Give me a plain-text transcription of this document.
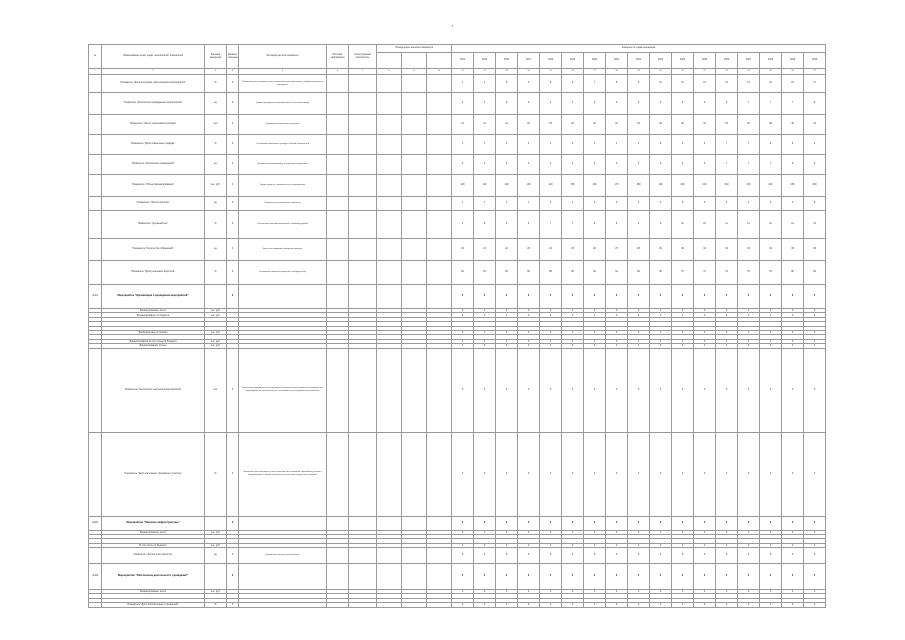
7
№	Наименование целей, задач, мероприятий, показателей	Единица измерения	Базовое значение	Методика расчета показателя	Источник информации	Ответственный исполнитель	Планируемые значения показателя			Значение по годам реализации																
										2014	2015	2016	2017	2018	2019	2020	2021	2022	2023	2024	2025	2026	2027	2028	2029	2030
1	2	3	4	5	6	7	8	9	10	11	12	13	14	15	16	17	18	19	20	21	22	23	24	25	26	27
	Показатель "Доля молодежи, вовлеченной в мероприятия"	%	0	Показатель рассчитывается как отношение числа участников к общей численности молодежи						1	2	3	4	5	6	7	8	9	10	11	12	13	14	15	16	17
	Показатель "Количество проведенных мероприятий"	ед.	0	Сумма проведенных мероприятий за отчетный период						2	2	3	3	4	4	4	5	5	5	6	6	6	7	7	7	8
	Показатель "Число участников программ"	чел.	0	Суммарное количество участников						10	12	14	16	18	20	22	24	26	28	30	32	34	36	38	40	42
	Показатель "Доля охваченных граждан"	%	0	Отношение охваченных граждан к общей численности						1	1	2	2	3	3	4	4	5	5	6	6	7	7	8	8	9
	Показатель "Количество организаций"	ед.	0	Количество организаций, участвующих в программе						3	3	3	4	4	4	5	5	5	6	6	6	7	7	7	8	8
	Показатель "Объем финансирования"	тыс. руб.	0	Сумма средств, направленных на реализацию						100	110	120	130	140	150	160	170	180	190	200	210	220	230	240	250	260
	Показатель "Число проектов"	ед.	0	Количество реализованных проектов						1	1	1	1	2	2	2	2	3	3	3	3	4	4	4	4	5
	Показатель "Удельный вес"	%	0	Отношение значений показателя к базовому уровню						5	5	6	6	7	7	8	8	9	9	10	10	11	11	12	12	13
	Показатель "Количество обращений"	ед.	0	Число поступивших обращений граждан						20	21	22	23	24	25	26	27	28	29	30	31	32	33	34	35	36
	Показатель "Доля решенных вопросов"	%	0	Отношение решенных вопросов к общему числу						50	52	54	56	58	60	62	64	66	68	70	72	74	76	78	80	82
1.1.1	Мероприятие "Организация и проведение мероприятий"		0							0	0	0	0	0	0	0	0	0	0	0	0	0	0	0	0	0
	Финансирование, всего	тыс. руб.								0	0	0	0	0	0	0	0	0	0	0	0	0	0	0	0	0
	Финансирование из бюджета	тыс. руб.								0	0	0	0	0	0	0	0	0	0	0	0	0	0	0	0	0

	Внебюджетные источники	тыс. руб.								0	0	0	0	0	0	0	0	0	0	0	0	0	0	0	0	0

	Финансирование за счет средств бюджета	тыс. руб.								0	0	0	0	0	0	0	0	0	0	0	0	0	0	0	0	0
	Финансирование прочее	тыс. руб.								0	0	0	0	0	0	0	0	0	0	0	0	0	0	0	0	0
	Показатель "Количество участников мероприятий"	чел.	0	Показатель определяется как суммарное количество участников всех проведенных мероприятий за отчетный год на основании отчетных данных исполнителей						0	0	0	0	0	0	0	0	0	0	0	0	0	0	0	0	0
	Показатель "Доля населения, принявшего участие"	%	0	Показатель рассчитывается как отношение числа жителей, принявших участие в мероприятиях, к общей численности населения по данным статистики						0	0	0	0	0	0	0	0	0	0	0	0	0	0	0	0	0
1.1.2	Мероприятие "Развитие инфраструктуры"		0							0	0	0	0	0	0	0	0	0	0	0	0	0	0	0	0	0
	Финансирование, всего	тыс. руб.								0	0	0	0	0	0	0	0	0	0	0	0	0	0	0	0	0

	В том числе из бюджета	тыс. руб.								0	0	0	0	0	0	0	0	0	0	0	0	0	0	0	0	0
	Показатель "Количество объектов"	ед.	0	Количество построенных объектов						0	0	0	0	0	0	0	0	0	0	0	0	0	0	0	0	0
1.1.3	Мероприятие "Обеспечение деятельности учреждений"		0							0	0	0	0	0	0	0	0	0	0	0	0	0	0	0	0	0
	Финансирование, всего	тыс. руб.								0	0	0	0	0	0	0	0	0	0	0	0	0	0	0	0	0

	Показатель "Доля обеспеченных учреждений"	%	0							0	0	0	0	0	0	0	0	0	0	0	0	0	0	0	0	0
